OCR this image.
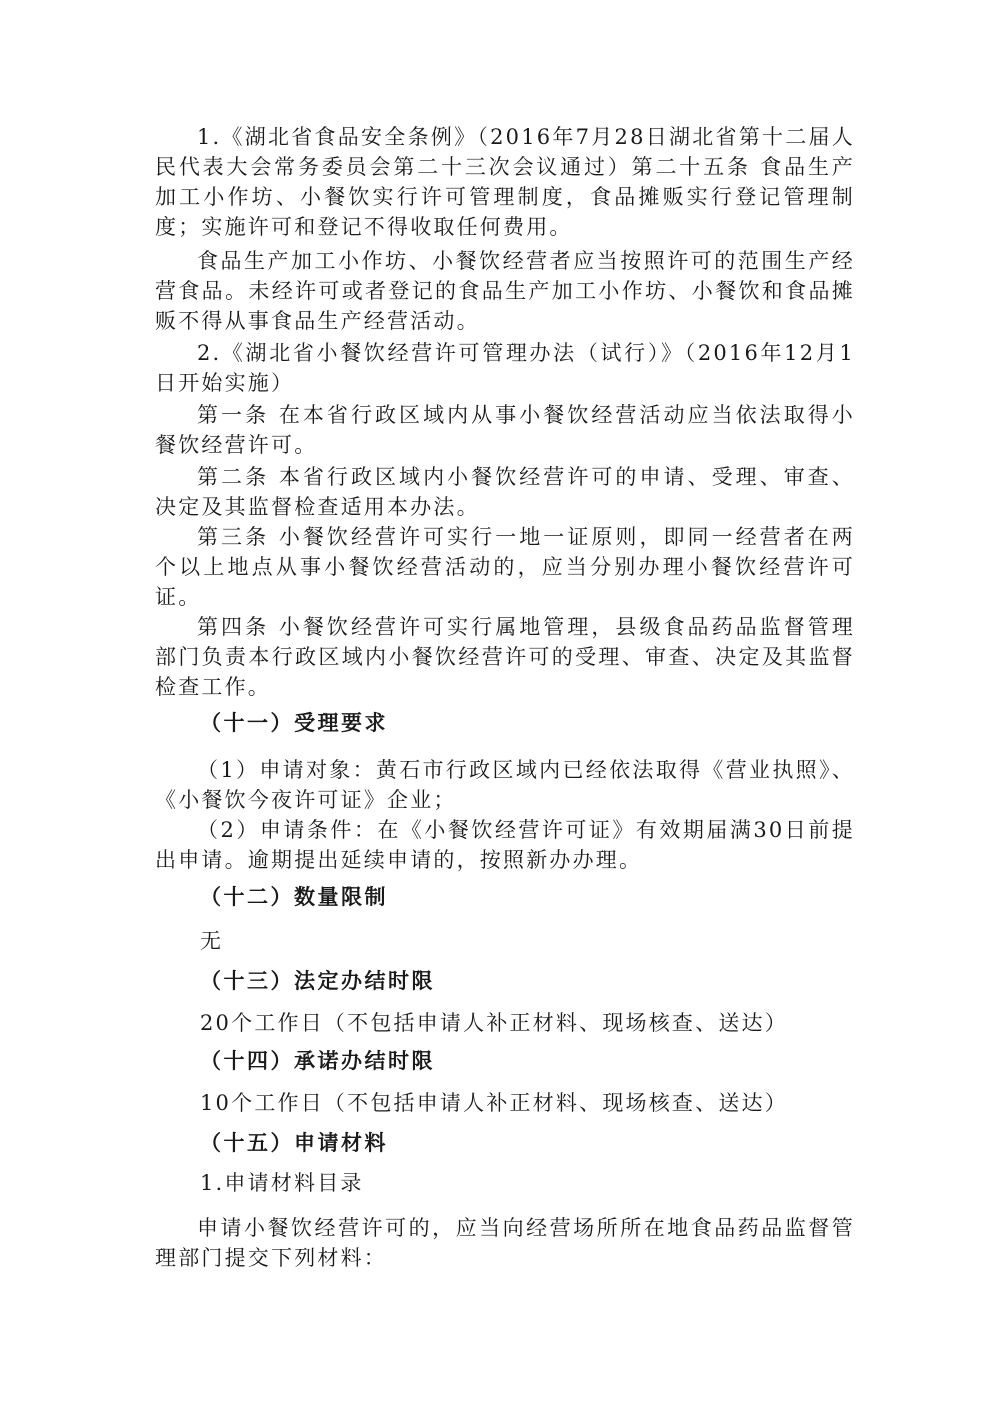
1.《湖北省食品安全条例》（2016年7月28日湖北省第十二届人民代表大会常务委员会第二十三次会议通过）第二十五条 食品生产加工小作坊、小餐饮实行许可管理制度，食品摊贩实行登记管理制度；实施许可和登记不得收取任何费用。

食品生产加工小作坊、小餐饮经营者应当按照许可的范围生产经营食品。未经许可或者登记的食品生产加工小作坊、小餐饮和食品摊贩不得从事食品生产经营活动。

2.《湖北省小餐饮经营许可管理办法（试行）》（2016年12月1日开始实施）

第一条 在本省行政区域内从事小餐饮经营活动应当依法取得小餐饮经营许可。

第二条 本省行政区域内小餐饮经营许可的申请、受理、审查、决定及其监督检查适用本办法。

第三条 小餐饮经营许可实行一地一证原则，即同一经营者在两个以上地点从事小餐饮经营活动的，应当分别办理小餐饮经营许可证。

第四条 小餐饮经营许可实行属地管理，县级食品药品监督管理部门负责本行政区域内小餐饮经营许可的受理、审查、决定及其监督检查工作。

（十一）受理要求

（1）申请对象：黄石市行政区域内已经依法取得《营业执照》、《小餐饮今夜许可证》企业；

（2）申请条件：在《小餐饮经营许可证》有效期届满30日前提出申请。逾期提出延续申请的，按照新办办理。

（十二）数量限制

无

（十三）法定办结时限

20个工作日（不包括申请人补正材料、现场核查、送达）

（十四）承诺办结时限

10个工作日（不包括申请人补正材料、现场核查、送达）

（十五）申请材料

1.申请材料目录

申请小餐饮经营许可的，应当向经营场所所在地食品药品监督管理部门提交下列材料：
